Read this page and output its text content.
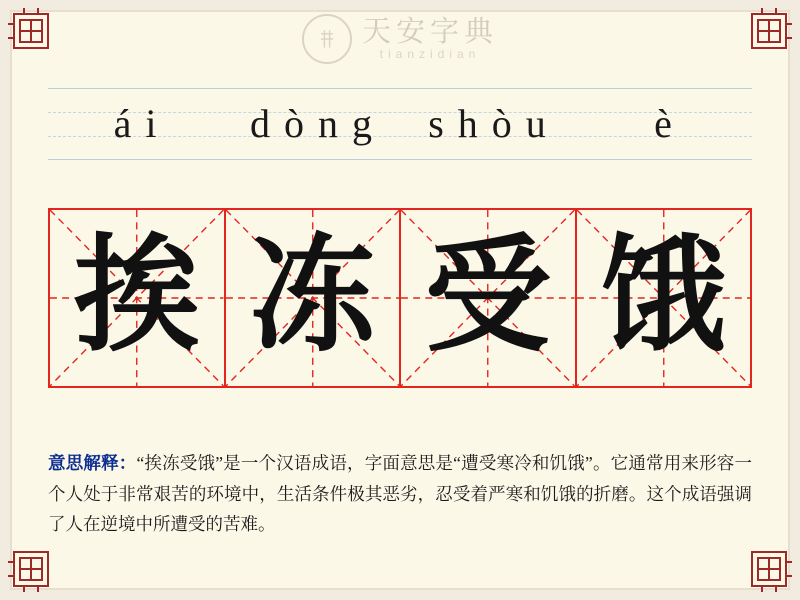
天安字典
tianzidian
á i	d ò n g	s h ò u	è
挨 冻 受 饿
意思解释：“挨冻受饿”是一个汉语成语，字面意思是“遭受寒冷和饥饿”。它通常用来形容一个人处于非常艰苦的环境中，生活条件极其恶劣，忍受着严寒和饥饿的折磨。这个成语强调了人在逆境中所遭受的苦难。
